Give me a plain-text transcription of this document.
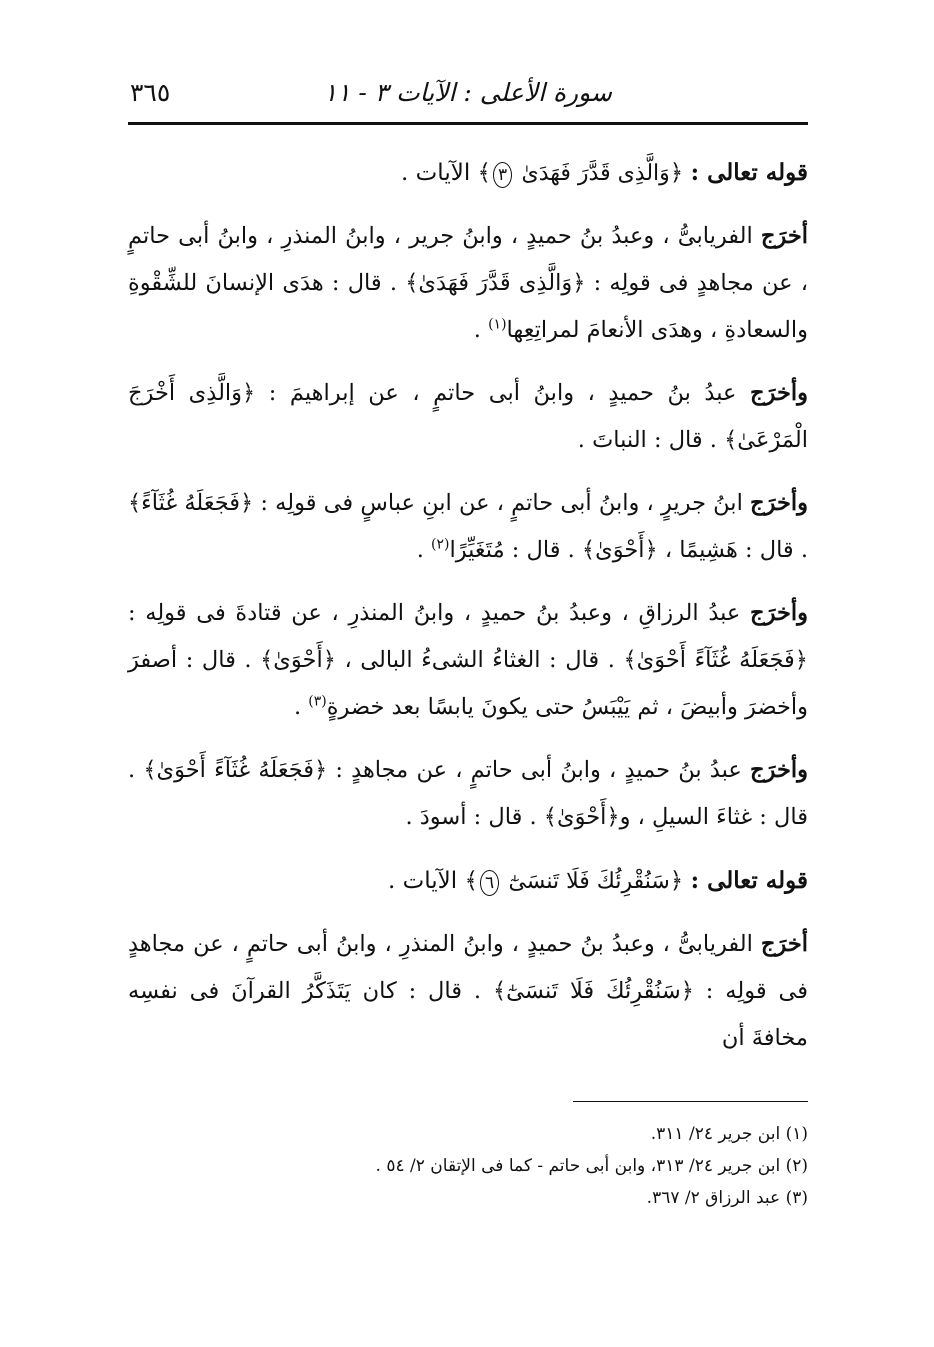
سورة الأعلى : الآيات ٣ - ١١
٣٦٥
قوله تعالى : ﴿وَالَّذِى قَدَّرَ فَهَدَىٰ ٣﴾ الآيات .

أخرَج الفريابىُّ ، وعبدُ بنُ حميدٍ ، وابنُ جرير ، وابنُ المنذرِ ، وابنُ أبى حاتمٍ ، عن مجاهدٍ فى قولِه : ﴿وَالَّذِى قَدَّرَ فَهَدَىٰ﴾ . قال : هدَى الإنسانَ للشِّقْوةِ والسعادةِ ، وهدَى الأنعامَ لمراتِعِها$^{(١)}$ .

وأخرَج عبدُ بنُ حميدٍ ، وابنُ أبى حاتمٍ ، عن إبراهيمَ : ﴿وَالَّذِى أَخْرَجَ الْمَرْعَىٰ﴾ . قال : النباتَ .

وأخرَج ابنُ جريرٍ ، وابنُ أبى حاتمٍ ، عن ابنِ عباسٍ فى قولِه : ﴿فَجَعَلَهُ غُثَآءً﴾ . قال : هَشِيمًا ، ﴿أَحْوَىٰ﴾ . قال : مُتَغَيِّرًا$^{(٢)}$ .

وأخرَج عبدُ الرزاقِ ، وعبدُ بنُ حميدٍ ، وابنُ المنذرِ ، عن قتادةَ فى قولِه : ﴿فَجَعَلَهُ غُثَآءً أَحْوَىٰ﴾ . قال : الغثاءُ الشىءُ البالى ، ﴿أَحْوَىٰ﴾ . قال : أصفرَ وأخضرَ وأبيضَ ، ثم يَيْبَسُ حتى يكونَ يابسًا بعد خضرةٍ$^{(٣)}$ .

وأخرَج عبدُ بنُ حميدٍ ، وابنُ أبى حاتمٍ ، عن مجاهدٍ : ﴿فَجَعَلَهُ غُثَآءً أَحْوَىٰ﴾ . قال : غثاءَ السيلِ ، و﴿أَحْوَىٰ﴾ . قال : أسودَ .

قوله تعالى : ﴿سَنُقْرِئُكَ فَلَا تَنسَىٰٓ ٦﴾ الآيات .

أخرَج الفريابىُّ ، وعبدُ بنُ حميدٍ ، وابنُ المنذرِ ، وابنُ أبى حاتمٍ ، عن مجاهدٍ فى قولِه : ﴿سَنُقْرِئُكَ فَلَا تَنسَىٰٓ﴾ . قال : كان يَتَذَكَّرُ القرآنَ فى نفسِه مخافةَ أن

(١) ابن جرير ٢٤/ ٣١١.

(٢) ابن جرير ٢٤/ ٣١٣، وابن أبى حاتم - كما فى الإتقان ٢/ ٥٤ .

(٣) عبد الرزاق ٢/ ٣٦٧.
